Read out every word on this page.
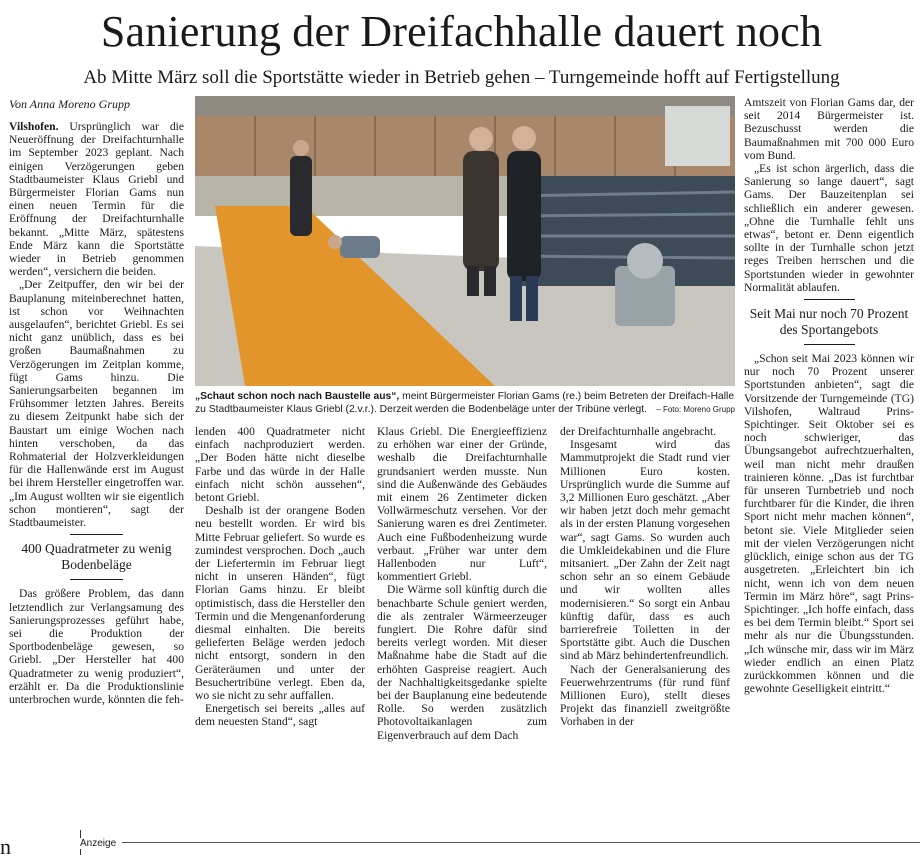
Sanierung der Dreifachhalle dauert noch
Ab Mitte März soll die Sportstätte wieder in Betrieb gehen – Turngemeinde hofft auf Fertigstellung
Von Anna Moreno Grupp

Vilshofen. Ursprünglich war die Neueröffnung der Dreifachturnhalle im September 2023 geplant. Nach einigen Verzögerungen geben Stadtbaumeister Klaus Griebl und Bürgermeister Florian Gams nun einen neuen Termin für die Eröffnung der Dreifachturnhalle bekannt. „Mitte März, spätestens Ende März kann die Sportstätte wieder in Betrieb genommen werden“, versichern die beiden.

„Der Zeitpuffer, den wir bei der Bauplanung miteinberechnet hatten, ist schon vor Weihnachten ausgelaufen“, berichtet Griebl. Es sei nicht ganz unüblich, dass es bei großen Baumaßnahmen zu Verzögerungen im Zeitplan komme, fügt Gams hinzu. Die Sanierungsarbeiten begannen im Frühsommer letzten Jahres. Bereits zu diesem Zeitpunkt habe sich der Baustart um einige Wochen nach hinten verschoben, da das Rohmaterial der Holzverkleidungen für die Hallenwände erst im August bei ihrem Hersteller eingetroffen war. „Im August wollten wir sie eigentlich schon montieren“, sagt der Stadtbaumeister.

400 Quadratmeter zu wenig Bodenbeläge

Das größere Problem, das dann letztendlich zur Verlangsamung des Sanierungsprozesses geführt habe, sei die Produktion der Sportbodenbeläge gewesen, so Griebl. „Der Hersteller hat 400 Quadratmeter zu wenig produziert“, erzählt er. Da die Produktionslinie unterbrochen wurde, könnten die feh-

„Schaut schon noch nach Baustelle aus“, meint Bürgermeister Florian Gams (re.) beim Betreten der Dreifach-Halle zu Stadtbaumeister Klaus Griebl (2.v.r.). Derzeit werden die Bodenbeläge unter der Tribüne verlegt. – Foto: Moreno Grupp

lenden 400 Quadratmeter nicht einfach nachproduziert werden. „Der Boden hätte nicht dieselbe Farbe und das würde in der Halle einfach nicht schön aussehen“, betont Griebl.

Deshalb ist der orangene Boden neu bestellt worden. Er wird bis Mitte Februar geliefert. So wurde es zumindest versprochen. Doch „auch der Liefertermin im Februar liegt nicht in unseren Händen“, fügt Florian Gams hinzu. Er bleibt optimistisch, dass die Hersteller den Termin und die Mengenanforderung diesmal einhalten. Die bereits gelieferten Beläge werden jedoch nicht entsorgt, sondern in den Geräteräumen und unter der Besuchertribüne verlegt. Eben da, wo sie nicht zu sehr auffallen.

Energetisch sei bereits „alles auf dem neuesten Stand“, sagt

Klaus Griebl. Die Energieeffizienz zu erhöhen war einer der Gründe, weshalb die Dreifachturnhalle grundsaniert werden musste. Nun sind die Außenwände des Gebäudes mit einem 26 Zentimeter dicken Vollwärmeschutz versehen. Vor der Sanierung waren es drei Zentimeter. Auch eine Fußbodenheizung wurde verbaut. „Früher war unter dem Hallenboden nur Luft“, kommentiert Griebl.

Die Wärme soll künftig durch die benachbarte Schule geniert werden, die als zentraler Wärmeerzeuger fungiert. Die Rohre dafür sind bereits verlegt worden. Mit dieser Maßnahme habe die Stadt auf die erhöhten Gaspreise reagiert. Auch der Nachhaltigkeitsgedanke spielte bei der Bauplanung eine bedeutende Rolle. So werden zusätzlich Photovoltaikanlagen zum Eigenverbrauch auf dem Dach

der Dreifachturnhalle angebracht.

Insgesamt wird das Mammutprojekt die Stadt rund vier Millionen Euro kosten. Ursprünglich wurde die Summe auf 3,2 Millionen Euro geschätzt. „Aber wir haben jetzt doch mehr gemacht als in der ersten Planung vorgesehen war“, sagt Gams. So wurden auch die Umkleidekabinen und die Flure mitsaniert. „Der Zahn der Zeit nagt schon sehr an so einem Gebäude und wir wollten alles modernisieren.“ So sorgt ein Anbau künftig dafür, dass es auch barrierefreie Toiletten in der Sportstätte gibt. Auch die Duschen sind ab März behindertenfreundlich.

Nach der Generalsanierung des Feuerwehrzentrums (für rund fünf Millionen Euro), stellt dieses Projekt das finanziell zweitgrößte Vorhaben in der

Amtszeit von Florian Gams dar, der seit 2014 Bürgermeister ist. Bezuschusst werden die Baumaßnahmen mit 700 000 Euro vom Bund.

„Es ist schon ärgerlich, dass die Sanierung so lange dauert“, sagt Gams. Der Bauzeitenplan sei schließlich ein anderer gewesen. „Ohne die Turnhalle fehlt uns etwas“, betont er. Denn eigentlich sollte in der Turnhalle schon jetzt reges Treiben herrschen und die Sportstunden wieder in gewohnter Normalität ablaufen.

Seit Mai nur noch 70 Prozent des Sportangebots

„Schon seit Mai 2023 können wir nur noch 70 Prozent unserer Sportstunden anbieten“, sagt die Vorsitzende der Turngemeinde (TG) Vilshofen, Waltraud Prins-Spichtinger. Seit Oktober sei es noch schwieriger, das Übungsangebot aufrechtzuerhalten, weil man nicht mehr draußen trainieren könne. „Das ist furchtbar für unseren Turnbetrieb und noch furchtbarer für die Kinder, die ihren Sport nicht mehr machen können“, betont sie. Viele Mitglieder seien mit der vielen Verzögerungen nicht glücklich, einige schon aus der TG ausgetreten. „Erleichtert bin ich nicht, wenn ich von dem neuen Termin im März höre“, sagt Prins-Spichtinger. „Ich hoffe einfach, dass es bei dem Termin bleibt.“ Sport sei mehr als nur die Übungsstunden. „Ich wünsche mir, dass wir im März wieder endlich an einen Platz zurückkommen können und die gewohnte Geselligkeit eintritt.“

Anzeige
n
